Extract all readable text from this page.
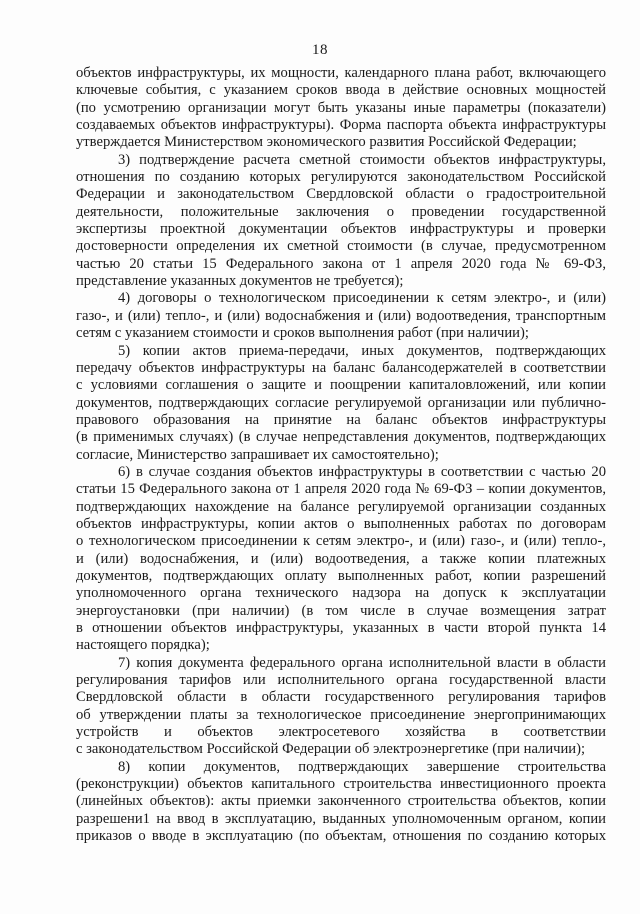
18
объектов инфраструктуры, их мощности, календарного плана работ, включающего
ключевые события, с указанием сроков ввода в действие основных мощностей
(по усмотрению организации могут быть указаны иные параметры (показатели)
создаваемых объектов инфраструктуры). Форма паспорта объекта инфраструктуры
утверждается Министерством экономического развития Российской Федерации;
3) подтверждение расчета сметной стоимости объектов инфраструктуры,
отношения по созданию которых регулируются законодательством Российской
Федерации и законодательством Свердловской области о градостроительной
деятельности, положительные заключения о проведении государственной
экспертизы проектной документации объектов инфраструктуры и проверки
достоверности определения их сметной стоимости (в случае, предусмотренном
частью 20 статьи 15 Федерального закона от 1 апреля 2020 года № 69-ФЗ,
представление указанных документов не требуется);
4) договоры о технологическом присоединении к сетям электро-, и (или)
газо-, и (или) тепло-, и (или) водоснабжения и (или) водоотведения, транспортным
сетям с указанием стоимости и сроков выполнения работ (при наличии);
5) копии актов приема-передачи, иных документов, подтверждающих
передачу объектов инфраструктуры на баланс балансодержателей в соответствии
с условиями соглашения о защите и поощрении капиталовложений, или копии
документов, подтверждающих согласие регулируемой организации или публично-
правового образования на принятие на баланс объектов инфраструктуры
(в применимых случаях) (в случае непредставления документов, подтверждающих
согласие, Министерство запрашивает их самостоятельно);
6) в случае создания объектов инфраструктуры в соответствии с частью 20
статьи 15 Федерального закона от 1 апреля 2020 года № 69-ФЗ – копии документов,
подтверждающих нахождение на балансе регулируемой организации созданных
объектов инфраструктуры, копии актов о выполненных работах по договорам
о технологическом присоединении к сетям электро-, и (или) газо-, и (или) тепло-,
и (или) водоснабжения, и (или) водоотведения, а также копии платежных
документов, подтверждающих оплату выполненных работ, копии разрешений
уполномоченного органа технического надзора на допуск к эксплуатации
энергоустановки (при наличии) (в том числе в случае возмещения затрат
в отношении объектов инфраструктуры, указанных в части второй пункта 14
настоящего порядка);
7) копия документа федерального органа исполнительной власти в области
регулирования тарифов или исполнительного органа государственной власти
Свердловской области в области государственного регулирования тарифов
об утверждении платы за технологическое присоединение энергопринимающих
устройств и объектов электросетевого хозяйства в соответствии
с законодательством Российской Федерации об электроэнергетике (при наличии);
8) копии документов, подтверждающих завершение строительства
(реконструкции) объектов капитального строительства инвестиционного проекта
(линейных объектов): акты приемки законченного строительства объектов, копии
разрешени1 на ввод в эксплуатацию, выданных уполномоченным органом, копии
приказов о вводе в эксплуатацию (по объектам, отношения по созданию которых
